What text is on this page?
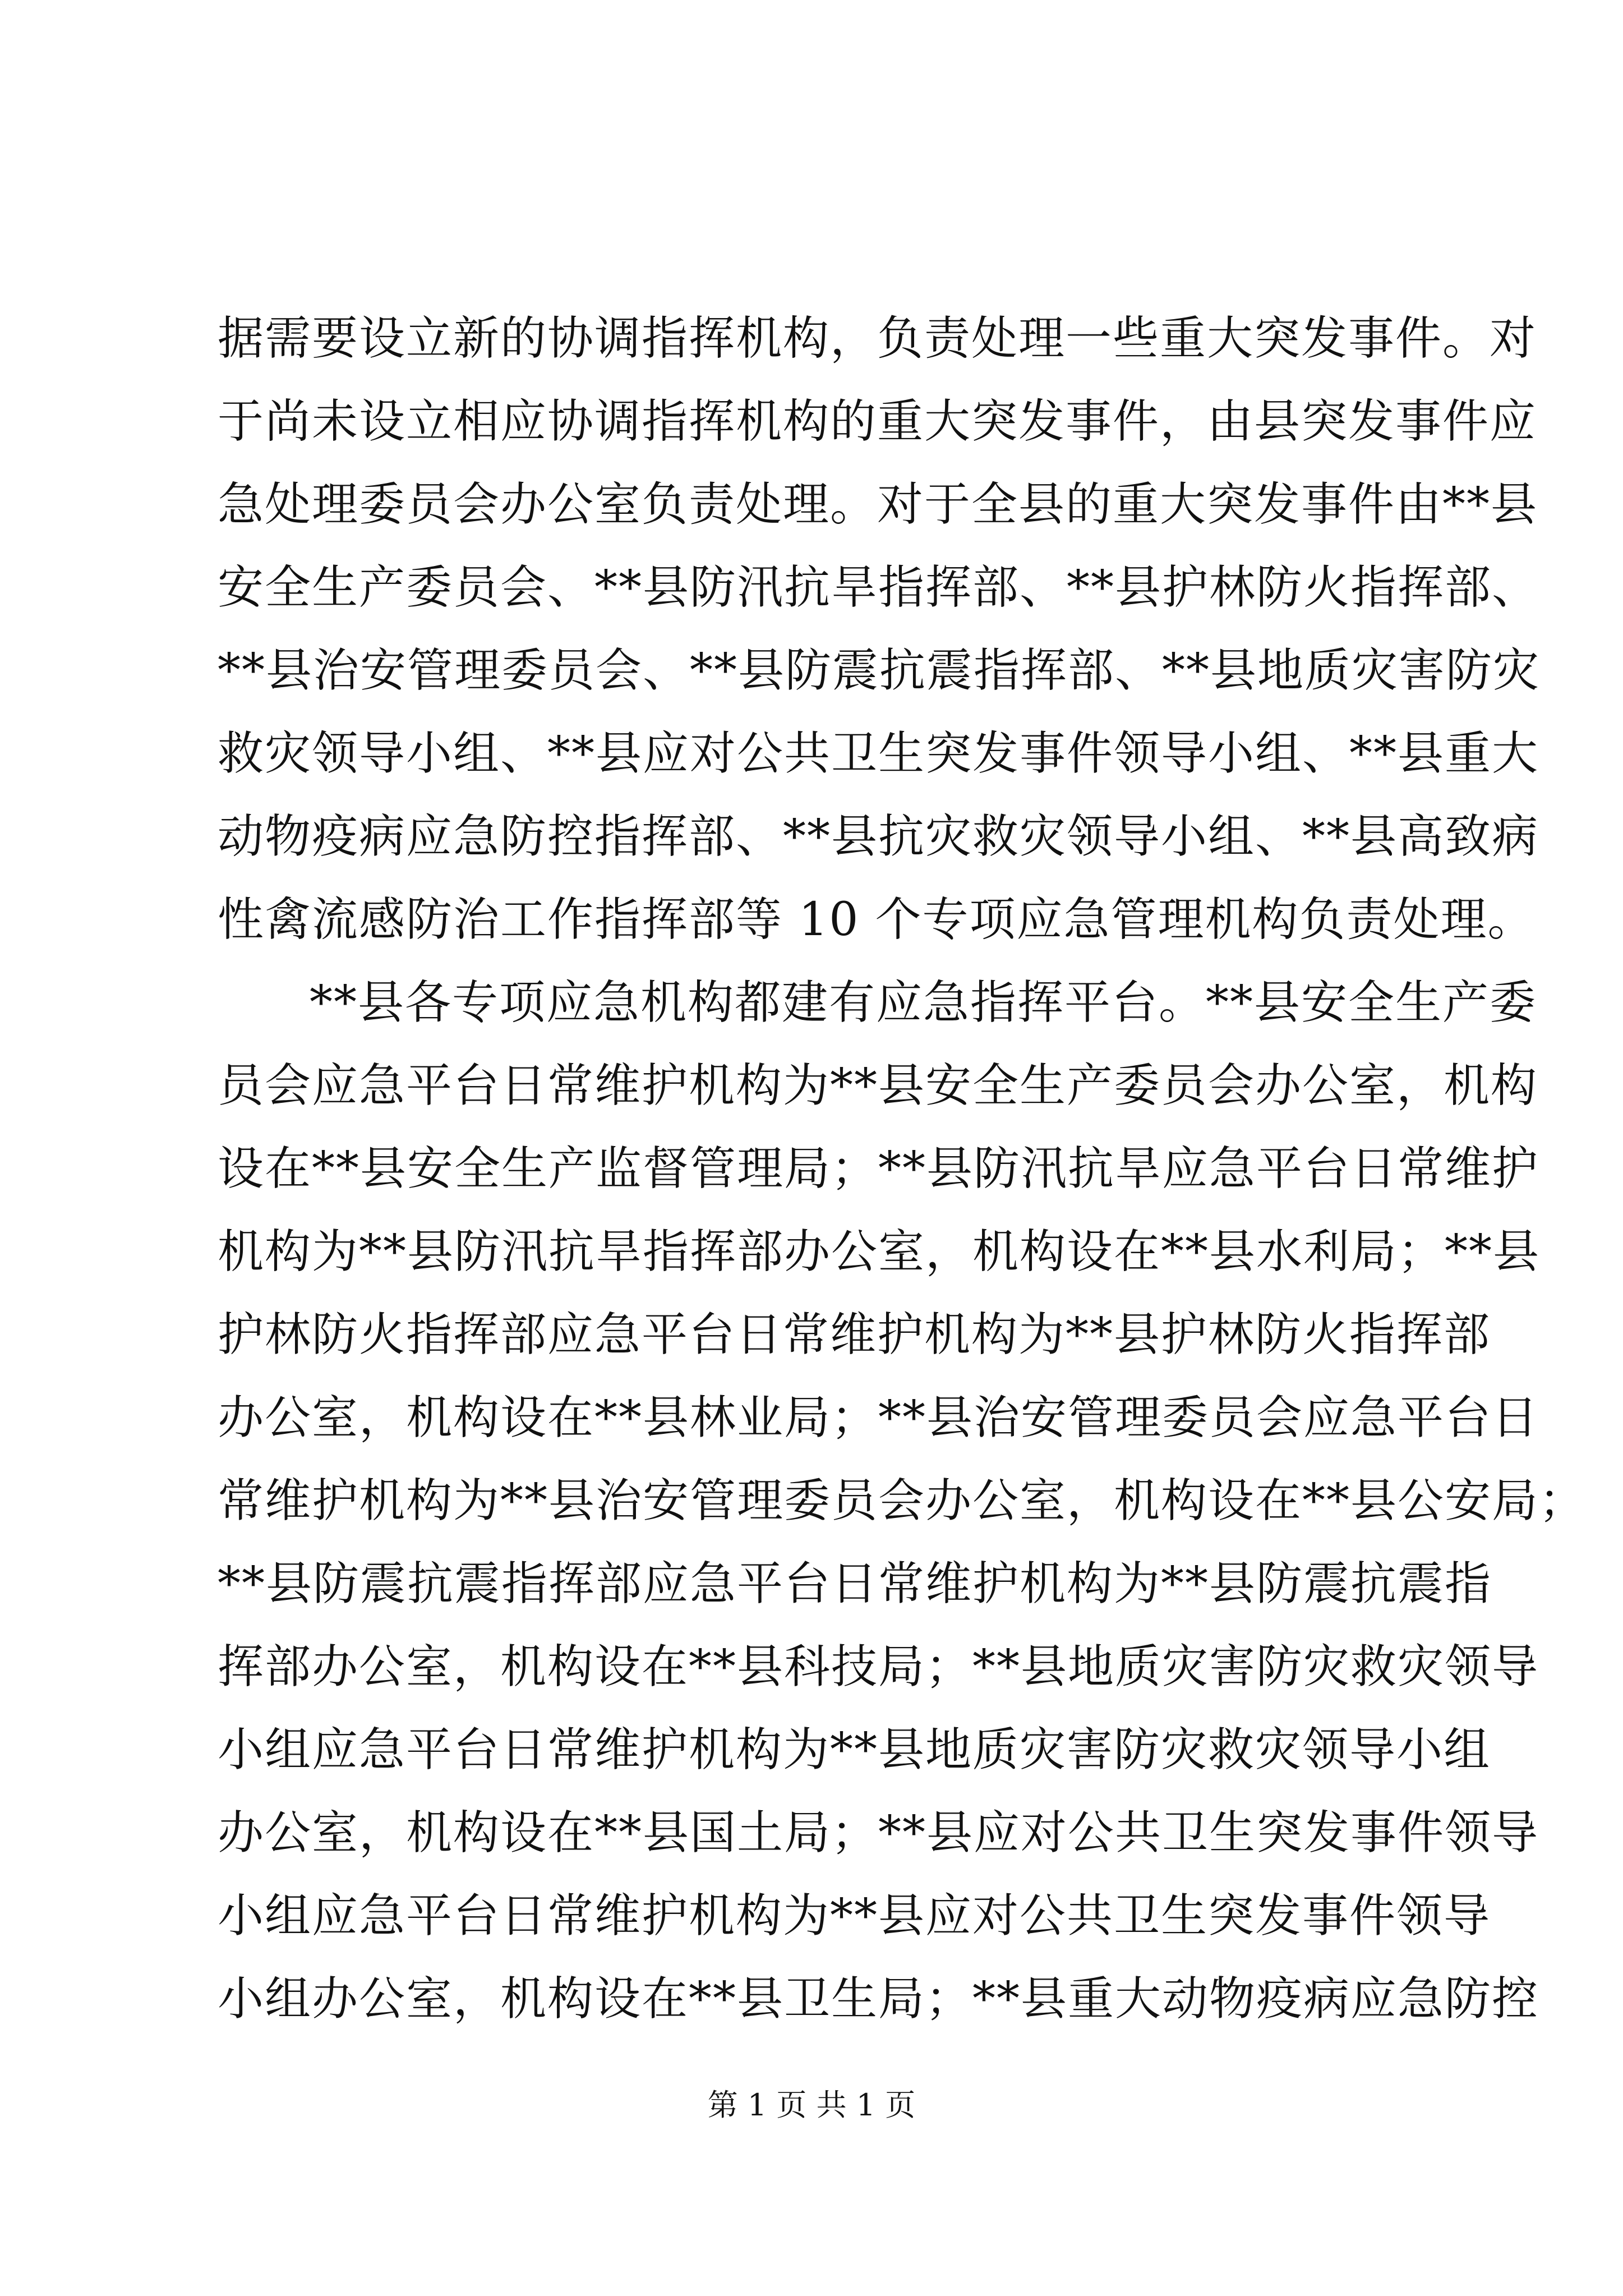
据需要设立新的协调指挥机构，负责处理一些重大突发事件。对
于尚未设立相应协调指挥机构的重大突发事件，由县突发事件应
急处理委员会办公室负责处理。对于全县的重大突发事件由**县
安全生产委员会、**县防汛抗旱指挥部、**县护林防火指挥部、
**县治安管理委员会、**县防震抗震指挥部、**县地质灾害防灾
救灾领导小组、**县应对公共卫生突发事件领导小组、**县重大
动物疫病应急防控指挥部、**县抗灾救灾领导小组、**县高致病
性禽流感防治工作指挥部等 10 个专项应急管理机构负责处理。
**县各专项应急机构都建有应急指挥平台。**县安全生产委
员会应急平台日常维护机构为**县安全生产委员会办公室，机构
设在**县安全生产监督管理局；**县防汛抗旱应急平台日常维护
机构为**县防汛抗旱指挥部办公室，机构设在**县水利局；**县
护林防火指挥部应急平台日常维护机构为**县护林防火指挥部
办公室，机构设在**县林业局；**县治安管理委员会应急平台日
常维护机构为**县治安管理委员会办公室，机构设在**县公安局；
**县防震抗震指挥部应急平台日常维护机构为**县防震抗震指
挥部办公室，机构设在**县科技局；**县地质灾害防灾救灾领导
小组应急平台日常维护机构为**县地质灾害防灾救灾领导小组
办公室，机构设在**县国土局；**县应对公共卫生突发事件领导
小组应急平台日常维护机构为**县应对公共卫生突发事件领导
小组办公室，机构设在**县卫生局；**县重大动物疫病应急防控
第 1 页 共 1 页
